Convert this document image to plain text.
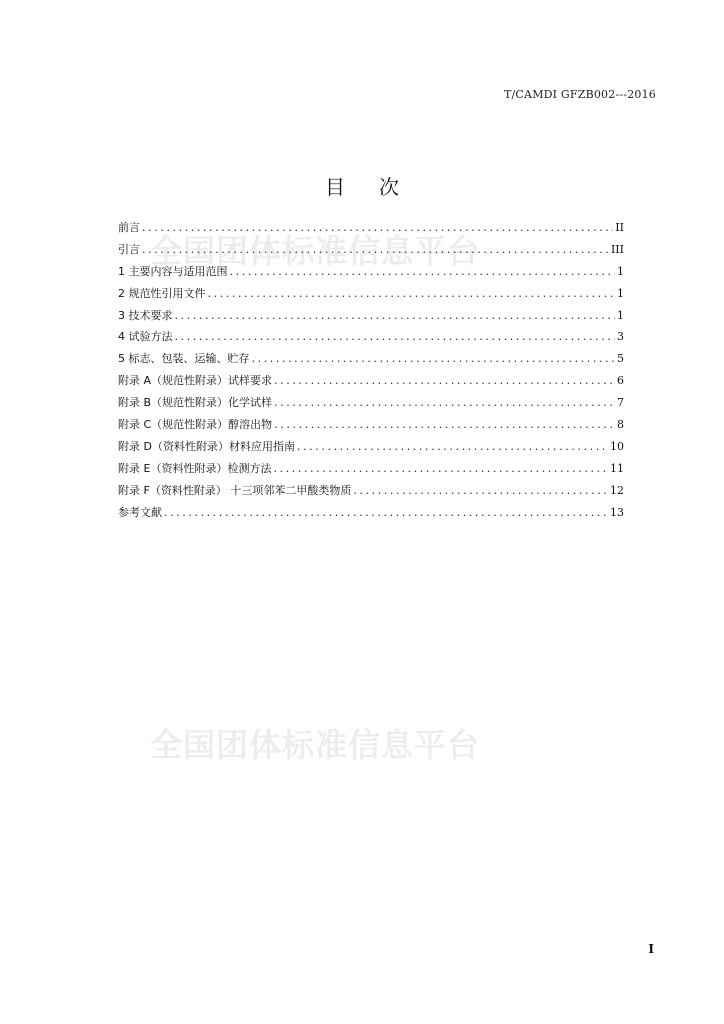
T/CAMDI GFZB002---2016
目 次
全国团体标准信息平台
全国团体标准信息平台
前言 .....	II
引言 .....	III
1 主要内容与适用范围 .....	1
2 规范性引用文件 .....	1
3 技术要求 .....	1
4 试验方法 .....	3
5 标志、包装、运输、贮存 .....	5
附录 A（规范性附录）试样要求 .....	6
附录 B（规范性附录）化学试样 .....	7
附录 C（规范性附录）醇溶出物 .....	8
附录 D（资料性附录）材料应用指南 .....	10
附录 E（资料性附录）检测方法 .....	11
附录 F（资料性附录） 十三项邻苯二甲酸类物质 .....	12
参考文献 .....	13
I
